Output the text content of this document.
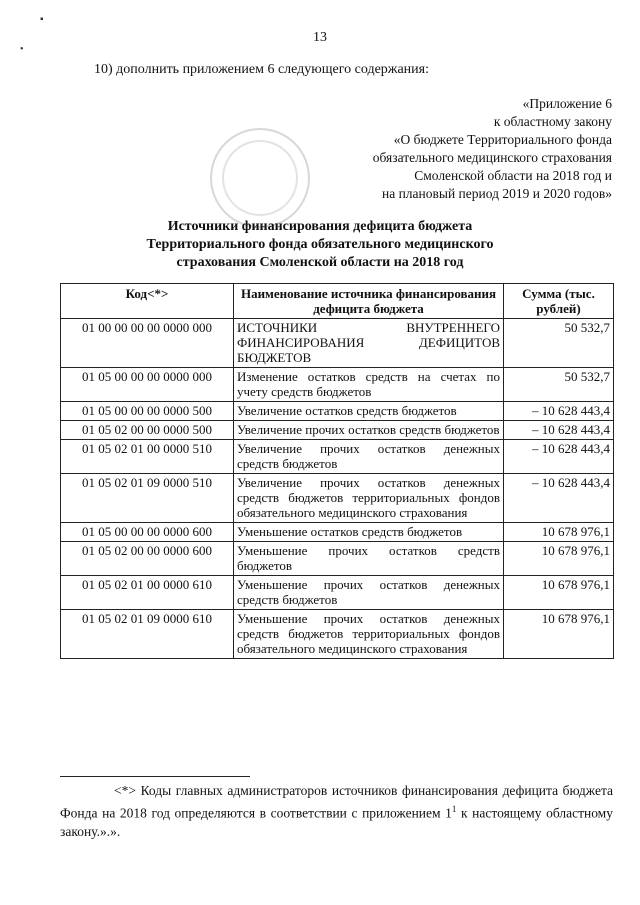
▪
•
13
10) дополнить приложением 6 следующего содержания:
«Приложение 6
к областному закону
«О бюджете Территориального фонда
обязательного медицинского страхования
Смоленской области на 2018 год и
на плановый период 2019 и 2020 годов»
Источники финансирования дефицита бюджета
Территориального фонда обязательного медицинского
страхования Смоленской области на 2018 год
Код<*>	Наименование источника финансирования дефицита бюджета	Сумма (тыс. рублей)
01 00 00 00 00 0000 000	ИСТОЧНИКИ ВНУТРЕННЕГО ФИНАНСИРОВАНИЯ ДЕФИЦИТОВ БЮДЖЕТОВ	50 532,7
01 05 00 00 00 0000 000	Изменение остатков средств на счетах по учету средств бюджетов	50 532,7
01 05 00 00 00 0000 500	Увеличение остатков средств бюджетов	– 10 628 443,4
01 05 02 00 00 0000 500	Увеличение прочих остатков средств бюджетов	– 10 628 443,4
01 05 02 01 00 0000 510	Увеличение прочих остатков денежных средств бюджетов	– 10 628 443,4
01 05 02 01 09 0000 510	Увеличение прочих остатков денежных средств бюджетов территориальных фондов обязательного медицинского страхования	– 10 628 443,4
01 05 00 00 00 0000 600	Уменьшение остатков средств бюджетов	10 678 976,1
01 05 02 00 00 0000 600	Уменьшение прочих остатков средств бюджетов	10 678 976,1
01 05 02 01 00 0000 610	Уменьшение прочих остатков денежных средств бюджетов	10 678 976,1
01 05 02 01 09 0000 610	Уменьшение прочих остатков денежных средств бюджетов территориальных фондов обязательного медицинского страхования	10 678 976,1
<*> Коды главных администраторов источников финансирования дефицита бюджета Фонда на 2018 год определяются в соответствии с приложением $1^1$ к настоящему областному закону.».».
